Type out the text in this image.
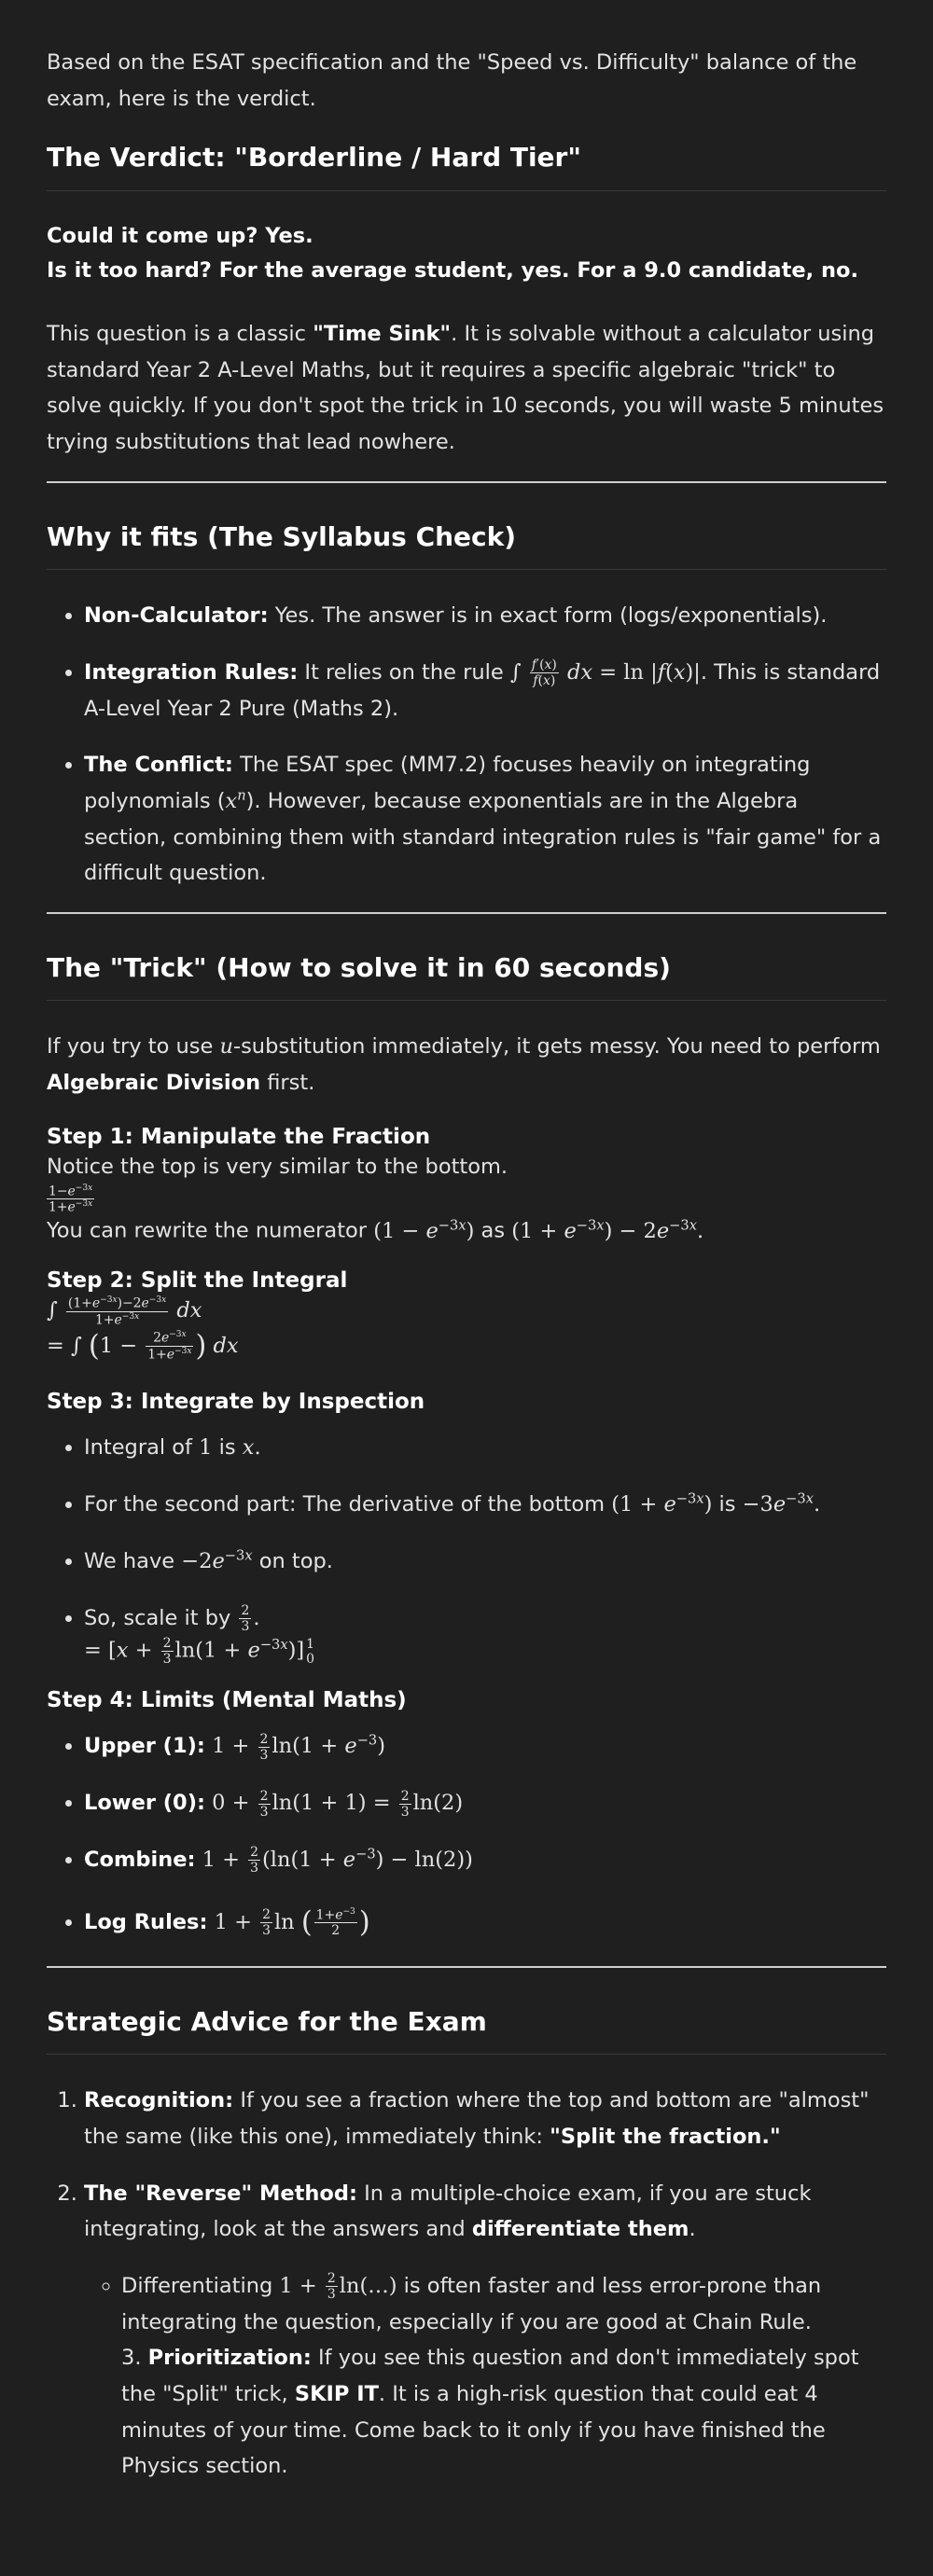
Based on the ESAT specification and the "Speed vs. Difficulty" balance of the exam, here is the verdict.

The Verdict: "Borderline / Hard Tier"

Could it come up? Yes.

Is it too hard? For the average student, yes. For a 9.0 candidate, no.

This question is a classic "Time Sink". It is solvable without a calculator using standard Year 2 A-Level Maths, but it requires a specific algebraic "trick" to solve quickly. If you don't spot the trick in 10 seconds, you will waste 5 minutes trying substitutions that lead nowhere.

Why it fits (The Syllabus Check)
• Non-Calculator: Yes. The answer is in exact form (logs/exponentials).
• Integration Rules: It relies on the rule ∫ $\frac{f'(x)}{f(x)}$ dx = ln |f(x)|. This is standard A-Level Year 2 Pure (Maths 2).
• The Conflict: The ESAT spec (MM7.2) focuses heavily on integrating polynomials $(x^n)$. However, because exponentials are in the Algebra section, combining them with standard integration rules is "fair game" for a difficult question.
The "Trick" (How to solve it in 60 seconds)

If you try to use u-substitution immediately, it gets messy. You need to perform Algebraic Division first.

Step 1: Manipulate the Fraction

Notice the top is very similar to the bottom.

$\frac{1-e^{-3x}}{1+e^{-3x}}$

You can rewrite the numerator $(1 - e^{-3x})$ as $(1 + e^{-3x}) - 2e^{-3x}$.

Step 2: Split the Integral
∫ $\frac{(1+e^{-3x})-2e^{-3x}}{1+e^{-3x}}$ dx
= ∫ ($1 - \frac{2e^{-3x}}{1+e^{-3x}}$ ) dx
Step 3: Integrate by Inspection
• Integral of 1 is x.
• For the second part: The derivative of the bottom $(1 + e^{-3x})$ is $-3e^{-3x}$.
• We have $-2e^{-3x}$ on top.
• So, scale it by $\frac{2}{3}$ .
= $[x + \frac{2}{3} \ln(1 + e^{-3x})]$ 1
0
Step 4: Limits (Mental Maths)
• Upper (1): $1 + \frac{2}{3} \ln(1 + e^{-3})$
• Lower (0): $0 + \frac{2}{3} \ln(1 + 1) = \frac{2}{3} \ln(2)$
• Combine: $1 + \frac{2}{3} (\ln(1 + e^{-3}) - \ln(2))$
• Log Rules: $1 + \frac{2}{3}$ ln ( $\frac{1+e^{-3}}{2}$ )
Strategic Advice for the Exam
1. Recognition: If you see a fraction where the top and bottom are "almost" the same (like this one), immediately think: "Split the fraction."
2. The "Reverse" Method: In a multiple-choice exam, if you are stuck integrating, look at the answers and differentiate them.
◦ Differentiating $1 + \frac{2}{3}$ ln(…) is often faster and less error-prone than integrating the question, especially if you are good at Chain Rule.
3. Prioritization: If you see this question and don't immediately spot the "Split" trick, SKIP IT. It is a high-risk question that could eat 4 minutes of your time. Come back to it only if you have finished the Physics section.
